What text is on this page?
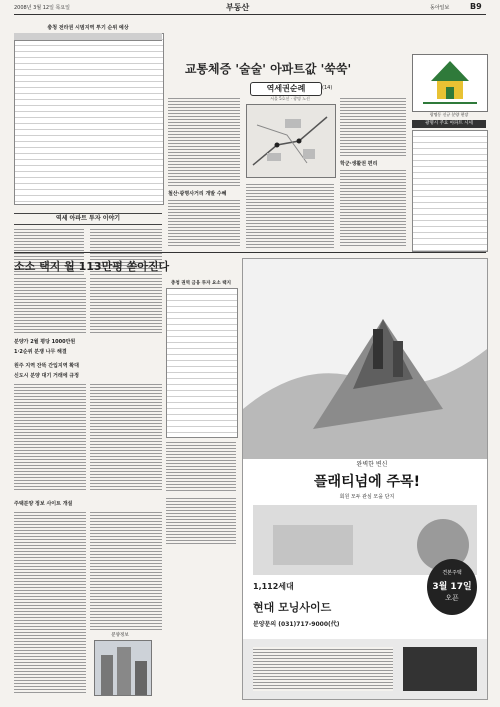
2008년 3월 12일 목요일	부동산	동아일보	B9
충청 전라권 시범지역 투기 순위 예상
역세 아파트 투자 이야기
교통체증 '술술' 아파트값 '쑥쑥'
역세권순례	(14)
서울 5호선 · 광명 노선
철산·광명사거리 개발 수혜
학군·생활권 편리
광명동 신규 분양 현장
광명시 주요 아파트 시세
소소 택지 월 113만평 쏟아진다
분양가 2월 평당 1000만원
1·2순위 분쟁 나무 해결
원주 지역 잔뜩 간입지역 확대
신도시 분양 대기 거래에 규정
충청 권역 금융 투자 요소 택지
주택분양 정보 사이트 개설
분양정보
완벽한 변신
플래티넘에 주목!
회원 모두 관심 모을 단지
1,112세대
현대 모닝사이드
분양문의 (031)717-9000(代)
견본주택
3월 17일
오픈
